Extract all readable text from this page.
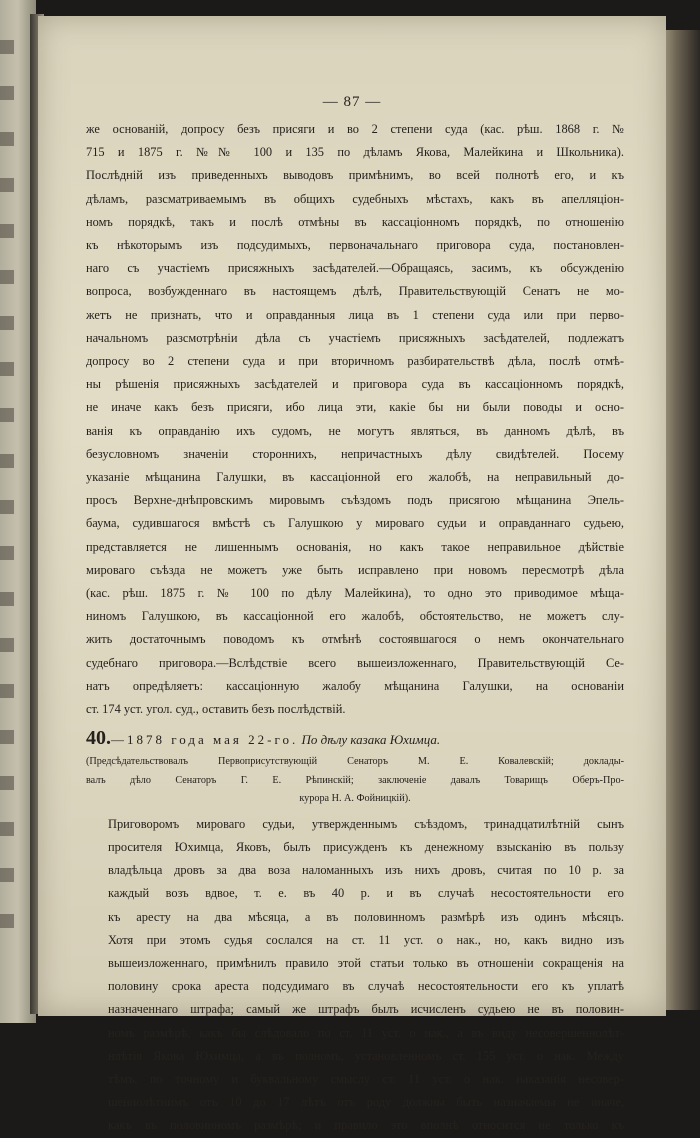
— 87 —

же основаній, допросу безъ присяги и во 2 степени суда (кас. рѣш. 1868 г. №
715 и 1875 г. №№ 100 и 135 по дѣламъ Яковa, Малейкина и Школьника).
Послѣдній изъ приведенныхъ выводовъ примѣнимъ, во всей полнотѣ его, и къ
дѣламъ, разсматриваемымъ въ общихъ судебныхъ мѣстахъ, какъ въ апелляціон-
номъ порядкѣ, такъ и послѣ отмѣны въ кассаціонномъ порядкѣ, по отношенію
къ нѣкоторымъ изъ подсудимыхъ, первоначальнаго приговора суда, постановлен-
наго съ участіемъ присяжныхъ засѣдателей.—Обращаясь, засимъ, къ обсужденію
вопроса, возбужденнаго въ настоящемъ дѣлѣ, Правительствующій Сенатъ не мо-
жетъ не признать, что и оправданныя лица въ 1 степени суда или при перво-
начальномъ разсмотрѣніи дѣла съ участіемъ присяжныхъ засѣдателей, подлежатъ
допросу во 2 степени суда и при вторичномъ разбирательствѣ дѣла, послѣ отмѣ-
ны рѣшенія присяжныхъ засѣдателей и приговора суда въ кассаціонномъ порядкѣ,
не иначе какъ безъ присяги, ибо лица эти, какіе бы ни были поводы и осно-
ванія къ оправданію ихъ судомъ, не могутъ являться, въ данномъ дѣлѣ, въ
безусловномъ значеніи стороннихъ, непричастныхъ дѣлу свидѣтелей. Посему
указаніе мѣщанина Галушки, въ кассаціонной его жалобѣ, на неправильный до-
просъ Верхне-днѣпровскимъ мировымъ съѣздомъ подъ присягою мѣщанина Эпель-
баума, судившагося вмѣстѣ съ Галушкою у мироваго судьи и оправданнаго судьею,
представляется не лишеннымъ основанія, но какъ такое неправильное дѣйствіе
мироваго съѣзда не можетъ уже быть исправлено при новомъ пересмотрѣ дѣла
(кас. рѣш. 1875 г. № 100 по дѣлу Малейкина), то одно это приводимое мѣща-
ниномъ Галушкою, въ кассаціонной его жалобѣ, обстоятельство, не можетъ слу-
жить достаточнымъ поводомъ къ отмѣнѣ состоявшагося о немъ окончательнаго
судебнаго приговора.—Вслѣдствіе всего вышеизложеннаго, Правительствующій Се-
натъ опредѣляетъ: кассаціонную жалобу мѣщанина Галушки, на основаніи
ст. 174 уст. угол. суд., оставить безъ послѣдствій.

40.—1878 года мая 22-го. По дѣлу казака Юхимца.
(Предсѣдательствовалъ Первоприсутствующій Сенаторъ М. Е. Ковалевскій; доклады-
валъ дѣло Сенаторъ Г. Е. Рѣпинскій; заключеніе давалъ Товарищъ Оберъ-Про-
курора Н. А. Фойницкій).

Приговоромъ мироваго судьи, утвержденнымъ съѣздомъ, тринадцатилѣтній сынъ
просителя Юхимца, Яковъ, былъ присужденъ къ денежному взысканію въ пользу
владѣльца дровъ за два воза наломанныхъ изъ нихъ дровъ, считая по 10 р. за
каждый возъ вдвое, т. е. въ 40 р. и въ случаѣ несостоятельности его
къ аресту на два мѣсяца, а въ половинномъ размѣрѣ изъ одинъ мѣсяцъ.
Хотя при этомъ судья сослался на ст. 11 уст. о нак., но, какъ видно изъ
вышеизложеннаго, примѣнилъ правило этой статьи только въ отношеніи сокращенія на
половину срока ареста подсудимаго въ случаѣ несостоятельности его къ уплатѣ
назначеннаго штрафа; самый же штрафъ былъ исчисленъ судьею не въ половин-
номъ размѣрѣ, какъ бы слѣдовало по ст. 11 уст. о нак., а въ виду несовершеннолѣт-
нлѣтія Якова Юхимца, а въ полномъ, установленномъ ст. 155 уст. о нак. Между
тѣмъ, по точному и буквальному смыслу ст. 11 уст. о нак. наказанія несовер-
шеннолѣтнимъ отъ 10 до 17 лѣтъ отъ роду должны быть назначаемы не иначе,
какъ въ половинномъ размѣрѣ; и правило это вполнѣ относится не только къ
